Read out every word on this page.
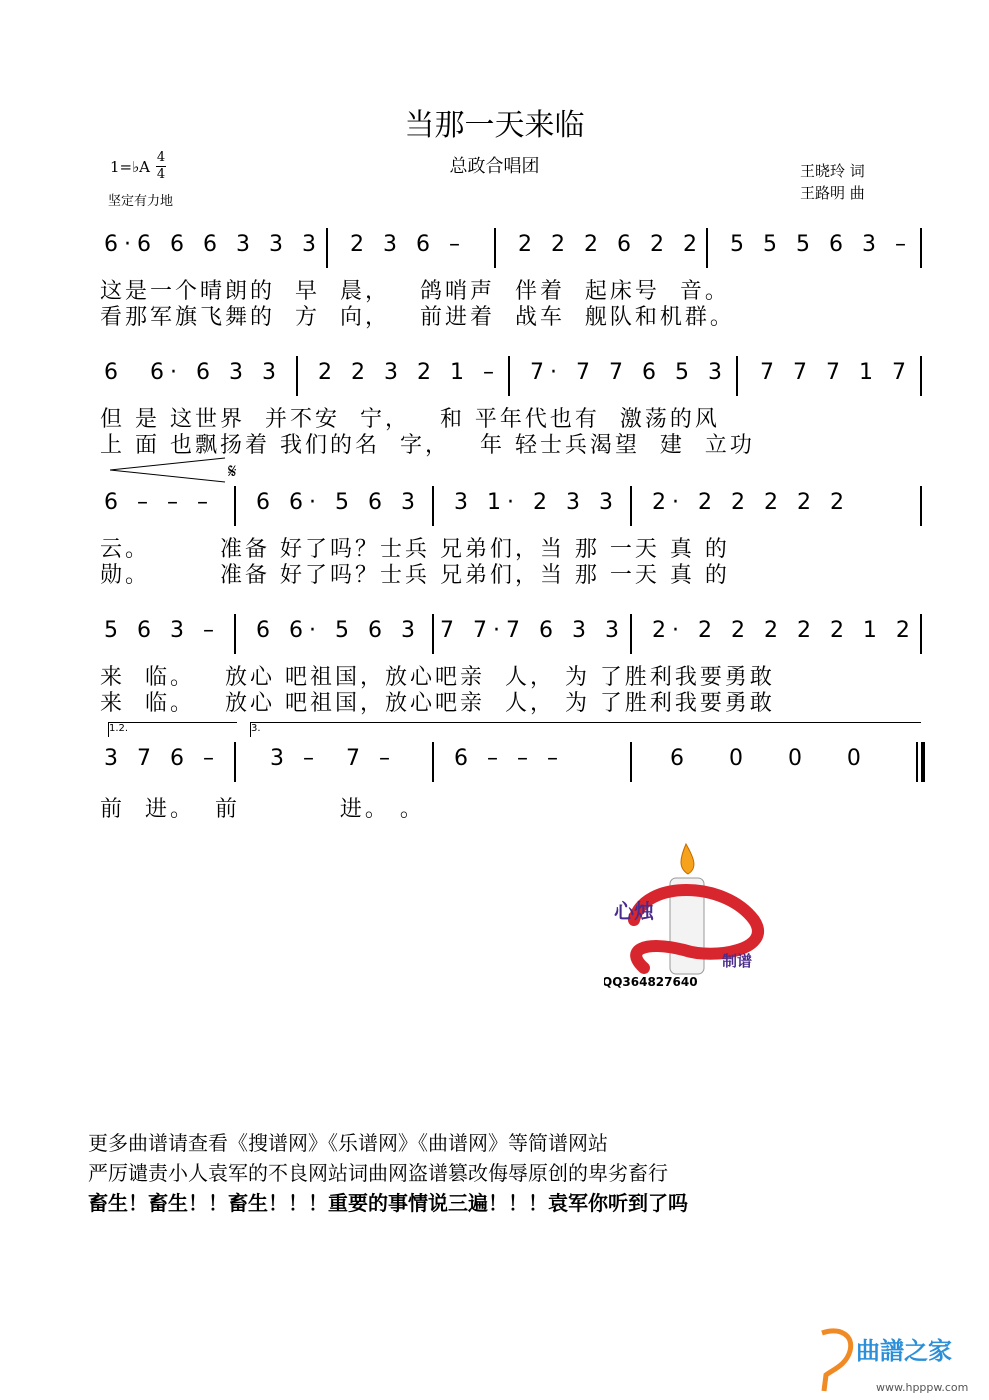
当那一天来临
总政合唱团	王晓玲 词
王路明 曲
1=♭A
4
4
坚定有力地
6·6 6 6 3 3 3 2 3 6 – 2 2 2 6 2 2 5 5 5 6 3 –
这是一个晴朗的  早  晨，   鸽哨声  伴着  起床号  音。
看那军旗飞舞的  方  向，   前进着  战车  舰队和机群。
6  6· 6 3 3 2 2 3 2 1 – 7· 7 7 6 5 3 7 7 7 1 7
但 是 这世界  并不安  宁，   和 平年代也有  激荡的风
上 面 也飘扬着 我们的名  字，   年 轻士兵渴望  建  立功
𝄋
6 – – – 6 6· 5 6 3 3 1· 2 3 3 2· 2 2 2 2 2
云。       准备 好了吗？士兵 兄弟们，当 那 一天 真 的
勋。       准备 好了吗？士兵 兄弟们，当 那 一天 真 的
5 6 3 – 6 6· 5 6 3 7 7·7 6 3 3 2· 2 2 2 2 2 1 2
来  临。   放心 吧祖国，放心吧亲  人， 为 了胜利我要勇敢
来  临。   放心 吧祖国，放心吧亲  人， 为 了胜利我要勇敢
1.2.	3.
3 7 6 – 3 –  7 –	6 – – –	6   0   0   0
前  进。  前          进。 。
心烛
制谱
QQ364827640
更多曲谱请查看《搜谱网》《乐谱网》《曲谱网》等简谱网站
严厉谴责小人袁军的不良网站词曲网盗谱篡改侮辱原创的卑劣畜行
畜生！畜生！！畜生！！！重要的事情说三遍！！！袁军你听到了吗
曲譜之家
www.hpppw.com
